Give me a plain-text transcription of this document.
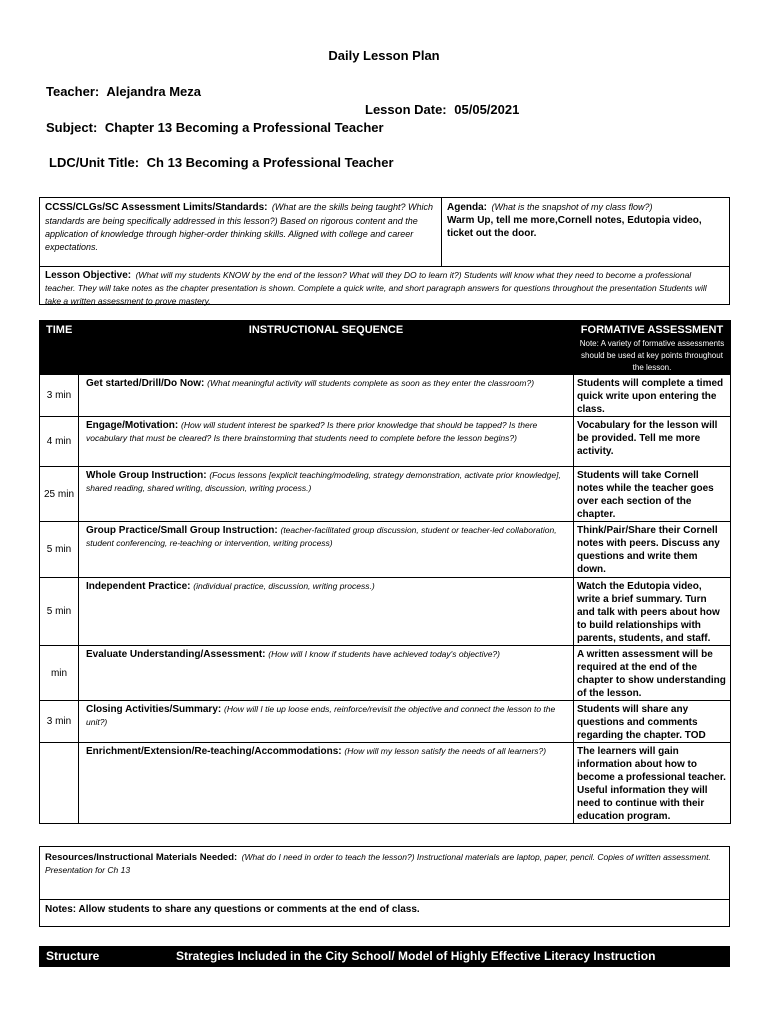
Daily Lesson Plan
Teacher: Alejandra Meza
Lesson Date: 05/05/2021
Subject: Chapter 13 Becoming a Professional Teacher
LDC/Unit Title: Ch 13 Becoming a Professional Teacher
CCSS/CLGs/SC Assessment Limits/Standards: (What are the skills being taught? Which standards are being specifically addressed in this lesson?) Based on rigorous content and the application of knowledge through higher-order thinking skills. Aligned with college and career expectations.
Agenda: (What is the snapshot of my class flow?)
Warm Up, tell me more,Cornell notes, Edutopia video, ticket out the door.
Lesson Objective: (What will my students KNOW by the end of the lesson? What will they DO to learn it?) Students will know what they need to become a professional teacher. They will take notes as the chapter presentation is shown. Complete a quick write, and short paragraph answers for questions throughout the presentation Students will take a written assessment to prove mastery.
TIME	INSTRUCTIONAL SEQUENCE	FORMATIVE ASSESSMENT
Note: A variety of formative assessments should be used at key points throughout the lesson.

3 min	Get started/Drill/Do Now: (What meaningful activity will students complete as soon as they enter the classroom?)	Students will complete a timed quick write upon entering the class.
4 min	Engage/Motivation: (How will student interest be sparked? Is there prior knowledge that should be tapped? Is there vocabulary that must be cleared? Is there brainstorming that students need to complete before the lesson begins?)	Vocabulary for the lesson will be provided. Tell me more activity.
25 min	Whole Group Instruction: (Focus lessons [explicit teaching/modeling, strategy demonstration, activate prior knowledge], shared reading, shared writing, discussion, writing process.)	Students will take Cornell notes while the teacher goes over each section of the chapter.
5 min	Group Practice/Small Group Instruction: (teacher-facilitated group discussion, student or teacher-led collaboration, student conferencing, re-teaching or intervention, writing process)	Think/Pair/Share their Cornell notes with peers. Discuss any questions and write them down.
5 min	Independent Practice: (individual practice, discussion, writing process.)	Watch the Edutopia video, write a brief summary. Turn and talk with peers about how to build relationships with parents, students, and staff.
min	Evaluate Understanding/Assessment: (How will I know if students have achieved today's objective?)	A written assessment will be required at the end of the chapter to show understanding of the lesson.
3 min	Closing Activities/Summary: (How will I tie up loose ends, reinforce/revisit the objective and connect the lesson to the unit?)	Students will share any questions and comments regarding the chapter. TOD
	Enrichment/Extension/Re-teaching/Accommodations: (How will my lesson satisfy the needs of all learners?)	The learners will gain information about how to become a professional teacher. Useful information they will need to continue with their education program.
Resources/Instructional Materials Needed: (What do I need in order to teach the lesson?) Instructional materials are laptop, paper, pencil. Copies of written assessment. Presentation for Ch 13
Notes: Allow students to share any questions or comments at the end of class.
Structure	Strategies Included in the City School/ Model of Highly Effective Literacy Instruction
